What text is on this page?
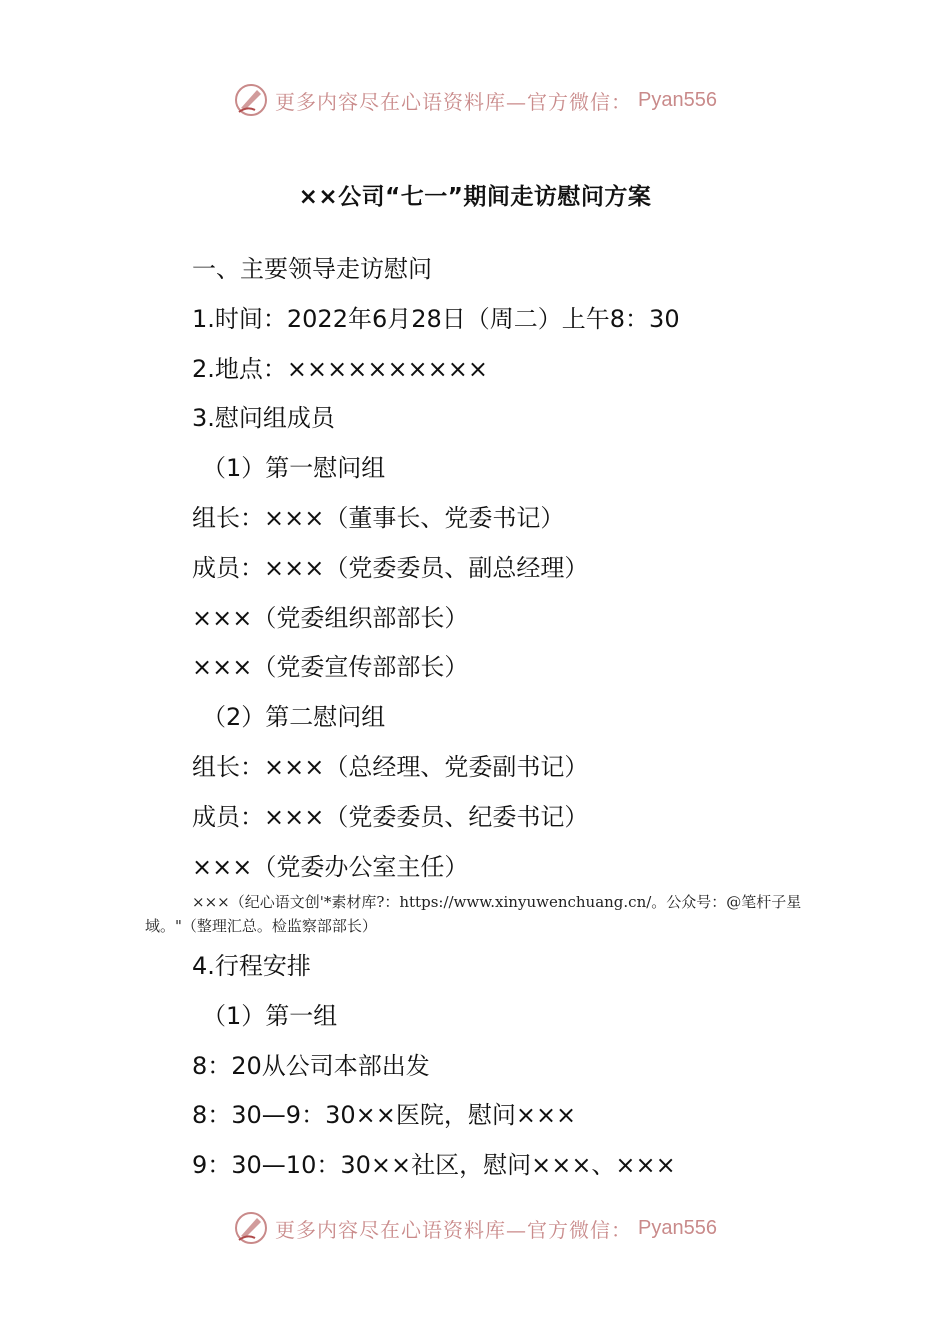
更多内容尽在心语资料库—官方微信： Pyan556
××公司“七一”期间走访慰问方案
一、主要领导走访慰问
1.时间：2022年6月28日（周二）上午8：30
2.地点：××××××××××
3.慰问组成员
（1）第一慰问组
组长：×××（董事长、党委书记）
成员：×××（党委委员、副总经理）
×××（党委组织部部长）
×××（党委宣传部部长）
（2）第二慰问组
组长：×××（总经理、党委副书记）
成员：×××（党委委员、纪委书记）
×××（党委办公室主任）
×××（纪心语文创'*素材库?：https://www.xinyuwenchuang.cn/。公众号：@笔杆子星域。"（整理汇总。检监察部部长）
4.行程安排
（1）第一组
8：20从公司本部出发
8：30—9：30××医院，慰问×××
9：30—10：30××社区，慰问×××、×××
更多内容尽在心语资料库—官方微信： Pyan556
